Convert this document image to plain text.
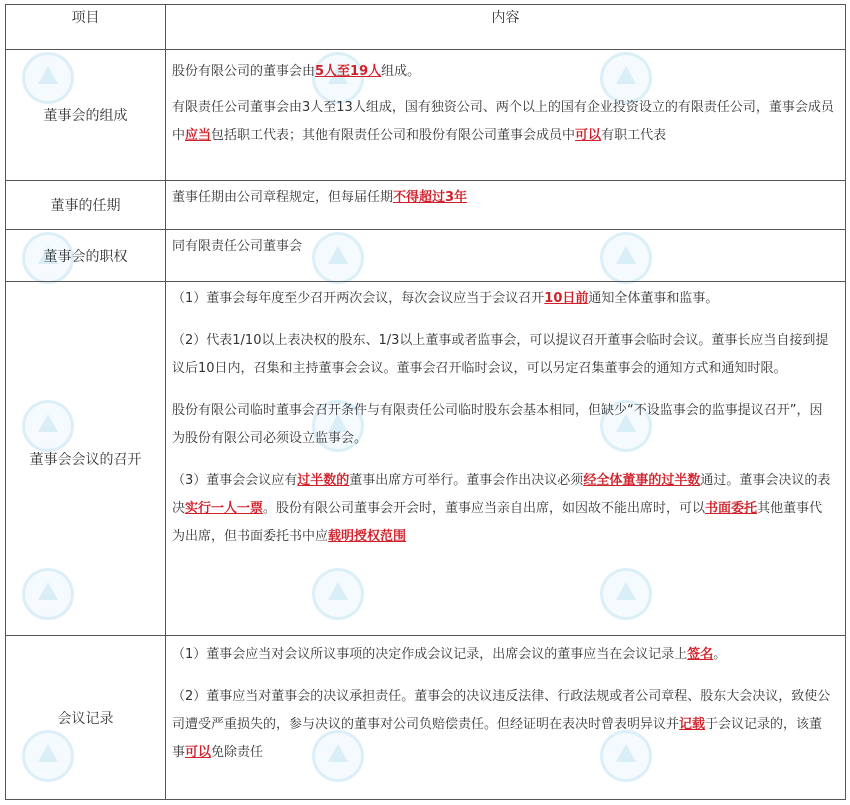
项目	内容
董事会的组成	股份有限公司的董事会由5人至19人组成。

有限责任公司董事会由3人至13人组成，国有独资公司、两个以上的国有企业投资设立的有限责任公司，董事会成员中应当包括职工代表；其他有限责任公司和股份有限公司董事会成员中可以有职工代表

董事的任期	董事任期由公司章程规定，但每届任期不得超过3年

董事会的职权	同有限责任公司董事会

董事会会议的召开	（1）董事会每年度至少召开两次会议，每次会议应当于会议召开10日前通知全体董事和监事。

（2）代表1/10以上表决权的股东、1/3以上董事或者监事会，可以提议召开董事会临时会议。董事长应当自接到提议后10日内，召集和主持董事会会议。董事会召开临时会议，可以另定召集董事会的通知方式和通知时限。

股份有限公司临时董事会召开条件与有限责任公司临时股东会基本相同，但缺少“不设监事会的监事提议召开”，因为股份有限公司必须设立监事会。

（3）董事会会议应有过半数的董事出席方可举行。董事会作出决议必须经全体董事的过半数通过。董事会决议的表决实行一人一票。股份有限公司董事会开会时，董事应当亲自出席，如因故不能出席时，可以书面委托其他董事代为出席，但书面委托书中应载明授权范围

会议记录	（1）董事会应当对会议所议事项的决定作成会议记录，出席会议的董事应当在会议记录上签名。

（2）董事应当对董事会的决议承担责任。董事会的决议违反法律、行政法规或者公司章程、股东大会决议，致使公司遭受严重损失的，参与决议的董事对公司负赔偿责任。但经证明在表决时曾表明异议并记载于会议记录的，该董事可以免除责任
